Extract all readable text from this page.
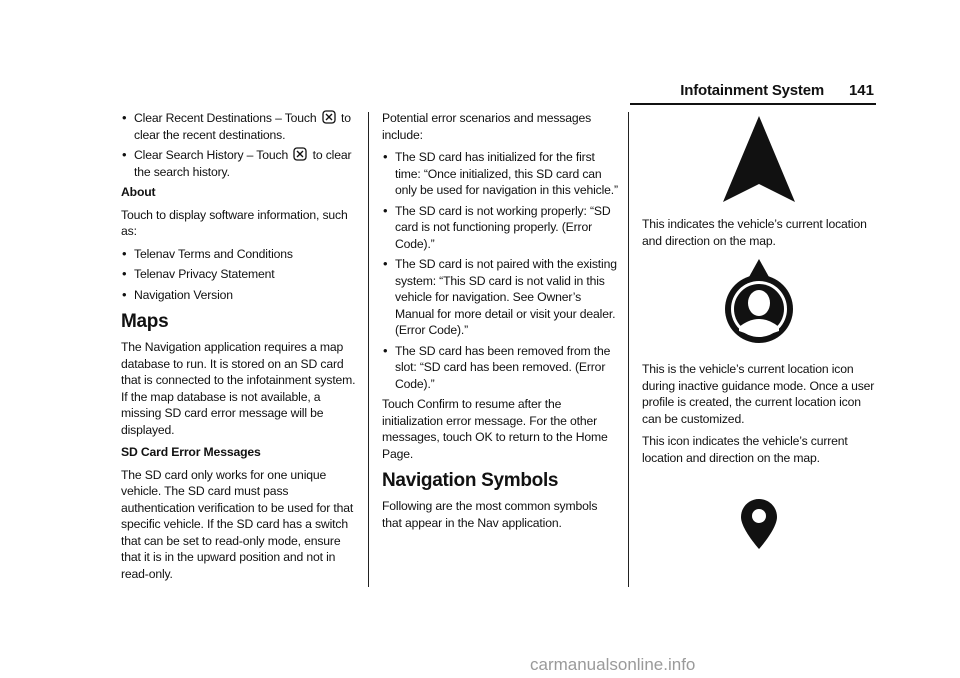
Infotainment System 141
• Clear Recent Destinations – Touch to clear the recent destinations.
• Clear Search History – Touch to clear the search history.

About

Touch to display software information, such as:

• Telenav Terms and Conditions
• Telenav Privacy Statement
• Navigation Version
Maps

The Navigation application requires a map database to run. It is stored on an SD card that is connected to the infotainment system. If the map database is not available, a missing SD card error message will be displayed.

SD Card Error Messages

The SD card only works for one unique vehicle. The SD card must pass authentication verification to be used for that specific vehicle. If the SD card has a switch that can be set to read-only mode, ensure that it is in the upward position and not in read-only.

Potential error scenarios and messages include:

• The SD card has initialized for the first time: “Once initialized, this SD card can only be used for navigation in this vehicle.”
• The SD card is not working properly: “SD card is not functioning properly. (Error Code).”
• The SD card is not paired with the existing system: “This SD card is not valid in this vehicle for navigation. See Owner’s Manual for more detail or visit your dealer. (Error Code).”
• The SD card has been removed from the slot: “SD card has been removed. (Error Code).”

Touch Confirm to resume after the initialization error message. For the other messages, touch OK to return to the Home Page.

Navigation Symbols

Following are the most common symbols that appear in the Nav application.

This indicates the vehicle’s current location and direction on the map.

This is the vehicle’s current location icon during inactive guidance mode. Once a user profile is created, the current location icon can be customized.

This icon indicates the vehicle’s current location and direction on the map.

carmanualsonline.info
